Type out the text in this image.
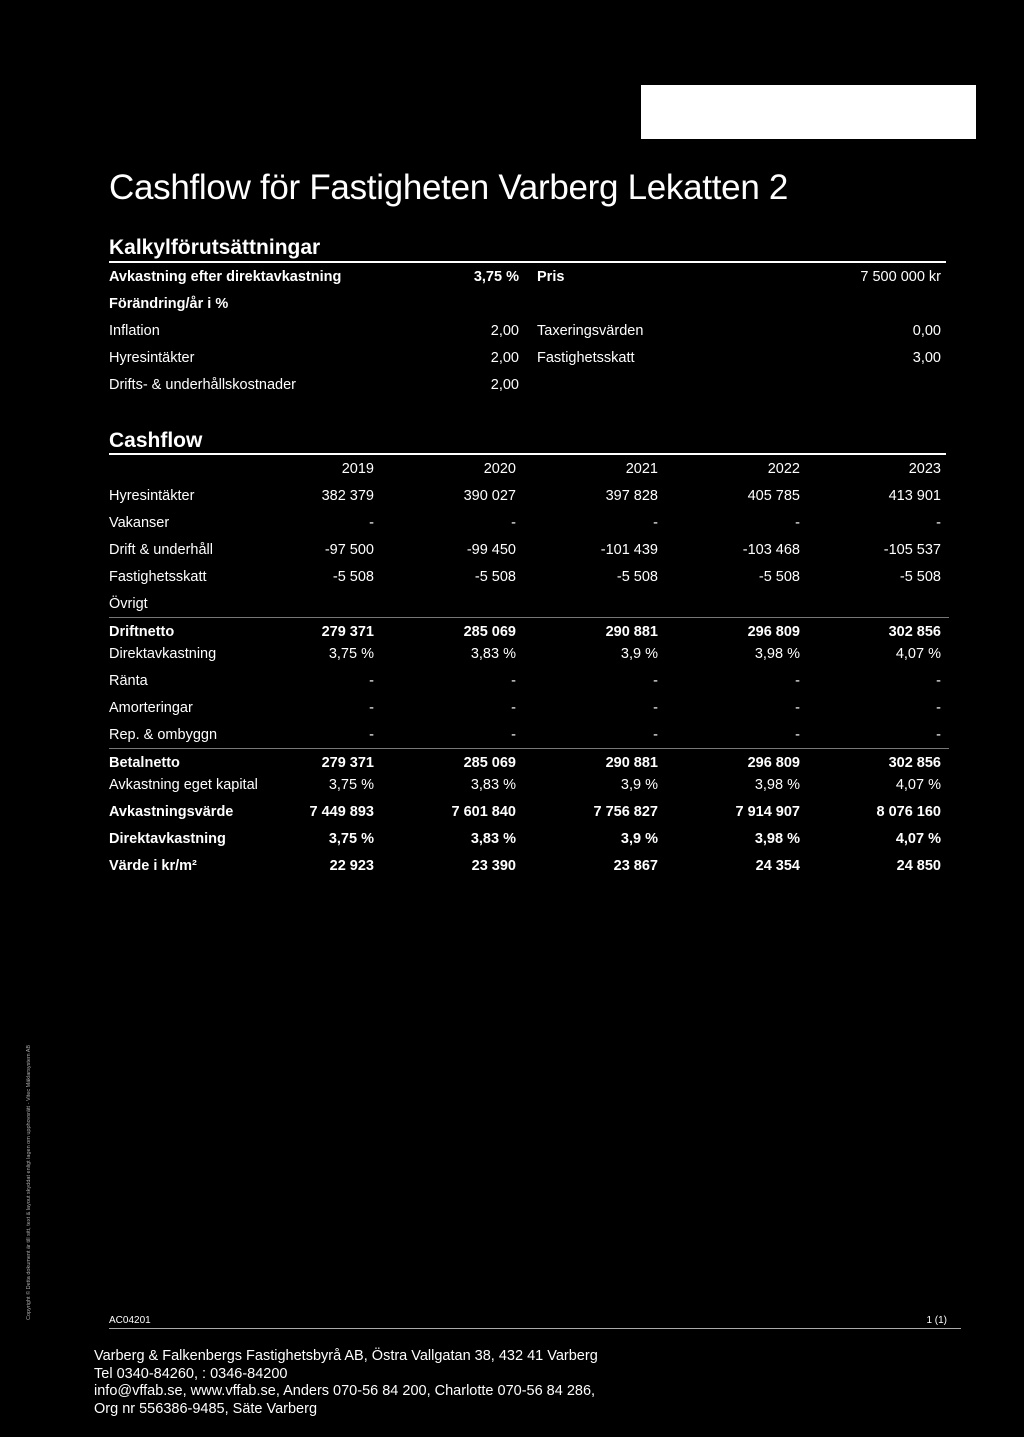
Cashflow för Fastigheten Varberg Lekatten 2
Kalkylförutsättningar
Avkastning efter direktavkastning	3,75 % Pris	7 500 000 kr
Förändring/år i %
Inflation	2,00 Taxeringsvärden	0,00
Hyresintäkter	2,00 Fastighetsskatt	3,00
Drifts- & underhållskostnader	2,00
Cashflow
2019	2020	2021	2022	2023
Hyresintäkter	382 379	390 027	397 828	405 785	413 901
Vakanser	-	-	-	-	-
Drift & underhåll	-97 500	-99 450	-101 439	-103 468	-105 537
Fastighetsskatt	-5 508	-5 508	-5 508	-5 508	-5 508
Övrigt
Driftnetto	279 371	285 069	290 881	296 809	302 856
Direktavkastning	3,75 %	3,83 %	3,9 %	3,98 %	4,07 %
Ränta	-	-	-	-	-
Amorteringar	-	-	-	-	-
Rep. & ombyggn	-	-	-	-	-
Betalnetto	279 371	285 069	290 881	296 809	302 856
Avkastning eget kapital	3,75 %	3,83 %	3,9 %	3,98 %	4,07 %
Avkastningsvärde	7 449 893	7 601 840	7 756 827	7 914 907	8 076 160
Direktavkastning	3,75 %	3,83 %	3,9 %	3,98 %	4,07 %
Värde i kr/m²	22 923	23 390	23 867	24 354	24 850
Copyright © Detta dokument är till sitt, text & layout skyddat enligt lagen om upphovsrätt - Vitec Mäklarsystem AB
AC04201	1 (1)
Varberg & Falkenbergs Fastighetsbyrå AB, Östra Vallgatan 38, 432 41 Varberg
Tel 0340-84260, : 0346-84200
info@vffab.se, www.vffab.se, Anders 070-56 84 200, Charlotte 070-56 84 286,
Org nr 556386-9485, Säte Varberg
